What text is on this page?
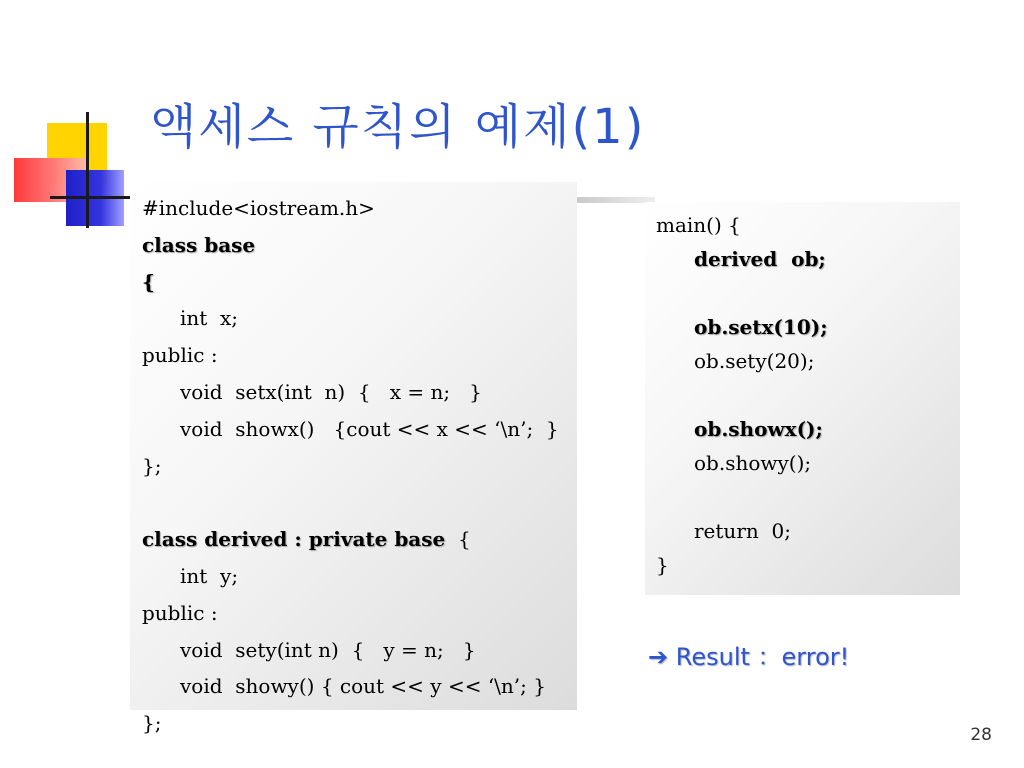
액세스 규칙의 예제(1)
#include<iostream.h>
class base
{
int  x;
public :
void  setx(int  n)  {   x = n;   }
void  showx()   {cout << x << ‘\n’;  }
};
class derived : private base  {
int  y;
public :
void  sety(int n)  {   y = n;   }
void  showy() { cout << y << ‘\n’; }
};
main() {
derived  ob;
ob.setx(10);
ob.sety(20);
ob.showx();
ob.showy();
return  0;
}
➔ Result ：error!
28
